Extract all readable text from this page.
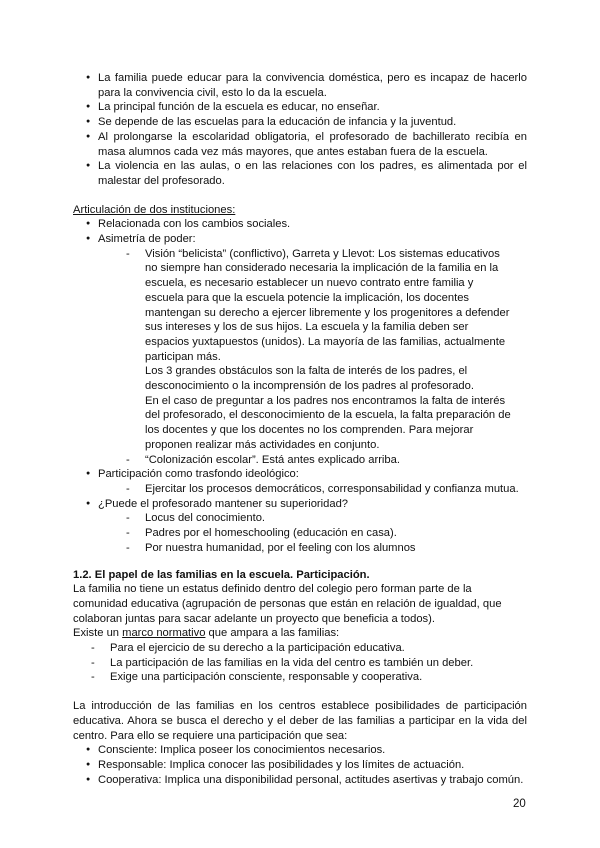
● La familia puede educar para la convivencia doméstica, pero es incapaz de hacerlo para la convivencia civil, esto lo da la escuela.
● La principal función de la escuela es educar, no enseñar.
● Se depende de las escuelas para la educación de infancia y la juventud.
● Al prolongarse la escolaridad obligatoria, el profesorado de bachillerato recibía en masa alumnos cada vez más mayores, que antes estaban fuera de la escuela.
● La violencia en las aulas, o en las relaciones con los padres, es alimentada por el malestar del profesorado.

Articulación de dos instituciones:

● Relacionada con los cambios sociales.
● Asimetría de poder:
- Visión “belicista” (conflictivo), Garreta y Llevot: Los sistemas educativos no siempre han considerado necesaria la implicación de la familia en la escuela, es necesario establecer un nuevo contrato entre familia y escuela para que la escuela potencie la implicación, los docentes mantengan su derecho a ejercer libremente y los progenitores a defender sus intereses y los de sus hijos. La escuela y la familia deben ser espacios yuxtapuestos (unidos). La mayoría de las familias, actualmente participan más.
Los 3 grandes obstáculos son la falta de interés de los padres, el desconocimiento o la incomprensión de los padres al profesorado.
En el caso de preguntar a los padres nos encontramos la falta de interés del profesorado, el desconocimiento de la escuela, la falta preparación de los docentes y que los docentes no los comprenden. Para mejorar proponen realizar más actividades en conjunto.
- “Colonización escolar”. Está antes explicado arriba.
● Participación como trasfondo ideológico:
- Ejercitar los procesos democráticos, corresponsabilidad y confianza mutua.
● ¿Puede el profesorado mantener su superioridad?
- Locus del conocimiento.
- Padres por el homeschooling (educación en casa).
- Por nuestra humanidad, por el feeling con los alumnos

1.2. El papel de las familias en la escuela. Participación.

La familia no tiene un estatus definido dentro del colegio pero forman parte de la comunidad educativa (agrupación de personas que están en relación de igualdad, que colaboran juntas para sacar adelante un proyecto que beneficia a todos).

Existe un marco normativo que ampara a las familias:

- Para el ejercicio de su derecho a la participación educativa.
- La participación de las familias en la vida del centro es también un deber.
- Exige una participación consciente, responsable y cooperativa.

La introducción de las familias en los centros establece posibilidades de participación educativa. Ahora se busca el derecho y el deber de las familias a participar en la vida del centro. Para ello se requiere una participación que sea:

● Consciente: Implica poseer los conocimientos necesarios.
● Responsable: Implica conocer las posibilidades y los límites de actuación.
● Cooperativa: Implica una disponibilidad personal, actitudes asertivas y trabajo común.
20
